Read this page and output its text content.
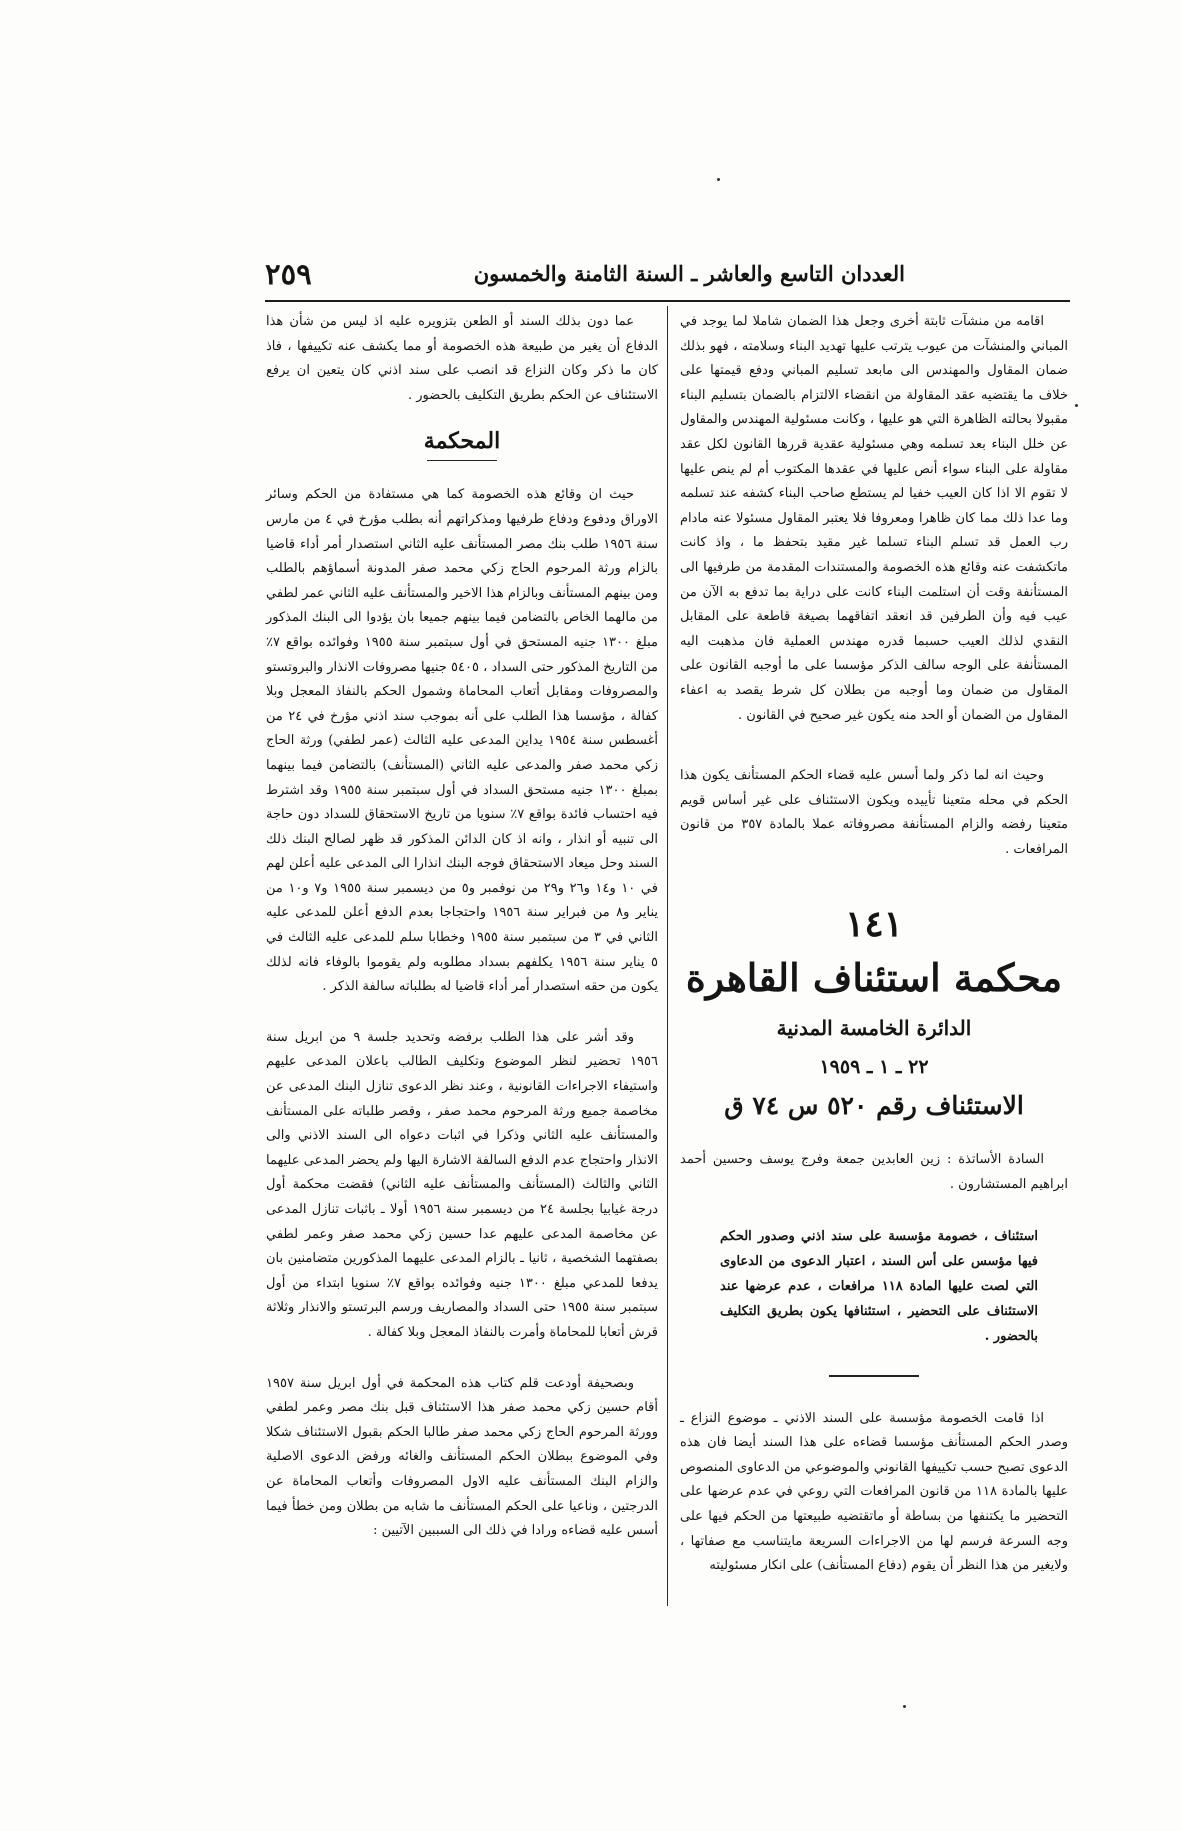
العددان التاسع والعاشر ـ السنة الثامنة والخمسون
٢٥٩

اقامه من منشآت ثابتة أخرى وجعل هذا الضمان شاملا لما يوجد في المباني والمنشآت من عيوب يترتب عليها تهديد البناء وسلامته ، فهو بذلك ضمان المقاول والمهندس الى مابعد تسليم المباني ودفع قيمتها على خلاف ما يقتضيه عقد المقاولة من انقضاء الالتزام بالضمان بتسليم البناء مقبولا بحالته الظاهرة التي هو عليها ، وكانت مسئولية المهندس والمقاول عن خلل البناء بعد تسلمه وهي مسئولية عقدية قررها القانون لكل عقد مقاولة على البناء سواء أنص عليها في عقدها المكتوب أم لم ينص عليها لا تقوم الا اذا كان العيب خفيا لم يستطع صاحب البناء كشفه عند تسلمه وما عدا ذلك مما كان ظاهرا ومعروفا فلا يعتبر المقاول مسئولا عنه مادام رب العمل قد تسلم البناء تسلما غير مقيد بتحفظ ما ، واذ كانت ماتكشفت عنه وقائع هذه الخصومة والمستندات المقدمة من طرفيها الى المستأنفة وقت أن استلمت البناء كانت على دراية بما تدفع به الآن من عيب فيه وأن الطرفين قد انعقد اتفاقهما بصيغة قاطعة على المقابل النقدي لذلك العيب حسبما قدره مهندس العملية فان مذهبت اليه المستأنفة على الوجه سالف الذكر مؤسسا على ما أوجبه القانون على المقاول من ضمان وما أوجبه من بطلان كل شرط يقصد به اعفاء المقاول من الضمان أو الحد منه يكون غير صحيح في القانون .

وحيث انه لما ذكر ولما أسس عليه قضاء الحكم المستأنف يكون هذا الحكم في محله متعينا تأييده ويكون الاستئناف على غير أساس قويم متعينا رفضه والزام المستأنفة مصروفاته عملا بالمادة ٣٥٧ من قانون المرافعات .

١٤١
محكمة استئناف القاهرة
الدائرة الخامسة المدنية
٢٢ ـ ١ ـ ١٩٥٩
الاستئناف رقم ٥٢٠ س ٧٤ ق

السادة الأساتذة : زين العابدين جمعة وفرج يوسف وحسين أحمد ابراهيم المستشارون .

استئناف ، خصومة مؤسسة على سند اذني وصدور الحكم فيها مؤسس على أس السند ، اعتبار الدعوى من الدعاوى التي لصت عليها المادة ١١٨ مرافعات ، عدم عرضها عند الاستئناف على التحضير ، استئنافها يكون بطريق التكليف بالحضور .

اذا قامت الخصومة مؤسسة على السند الاذني ـ موضوع النزاع ـ وصدر الحكم المستأنف مؤسسا قضاءه على هذا السند أيضا فان هذه الدعوى تصبح حسب تكييفها القانوني والموضوعي من الدعاوى المنصوص عليها بالمادة ١١٨ من قانون المرافعات التي روعي في عدم عرضها على التحضير ما يكتنفها من بساطة أو ماتقتضيه طبيعتها من الحكم فيها على وجه السرعة فرسم لها من الاجراءات السريعة مايتناسب مع صفاتها ، ولايغير من هذا النظر أن يقوم (دفاع المستأنف) على انكار مسئوليته

عما دون بذلك السند أو الطعن بتزويره عليه اذ ليس من شأن هذا الدفاع أن يغير من طبيعة هذه الخصومة أو مما يكشف عنه تكييفها ، فاذ كان ما ذكر وكان النزاع قد انصب على سند اذني كان يتعين ان يرفع الاستئناف عن الحكم بطريق التكليف بالحضور .

المحكمة

حيث ان وقائع هذه الخصومة كما هي مستفادة من الحكم وسائر الاوراق ودفوع ودفاع طرفيها ومذكراتهم أنه بطلب مؤرخ في ٤ من مارس سنة ١٩٥٦ طلب بنك مصر المستأنف عليه الثاني استصدار أمر أداء قاضيا بالزام ورثة المرحوم الحاج زكي محمد صفر المدونة أسماؤهم بالطلب ومن بينهم المستأنف وبالزام هذا الاخير والمستأنف عليه الثاني عمر لطفي من مالهما الخاص بالتضامن فيما بينهم جميعا بان يؤدوا الى البنك المذكور مبلغ ١٣٠٠ جنيه المستحق في أول سبتمبر سنة ١٩٥٥ وفوائده بواقع ٧٪ من التاريخ المذكور حتى السداد ، ٥٤٠٥ جنيها مصروفات الانذار والبروتستو والمصروفات ومقابل أتعاب المحاماة وشمول الحكم بالنفاذ المعجل وبلا كفالة ، مؤسسا هذا الطلب على أنه بموجب سند اذني مؤرخ في ٢٤ من أغسطس سنة ١٩٥٤ يداين المدعى عليه الثالث (عمر لطفي) ورثة الحاج زكي محمد صفر والمدعى عليه الثاني (المستأنف) بالتضامن فيما بينهما بمبلغ ١٣٠٠ جنيه مستحق السداد في أول سبتمبر سنة ١٩٥٥ وقد اشترط فيه احتساب فائدة بواقع ٧٪ سنويا من تاريخ الاستحقاق للسداد دون حاجة الى تنبيه أو انذار ، وانه اذ كان الدائن المذكور قد ظهر لصالح البنك ذلك السند وحل ميعاد الاستحقاق فوجه البنك انذارا الى المدعى عليه أعلن لهم في ١٠ و١٤ و٢٦ و٢٩ من نوفمبر و٥ من ديسمبر سنة ١٩٥٥ و٧ و١٠ من يناير و٨ من فبراير سنة ١٩٥٦ واحتجاجا بعدم الدفع أعلن للمدعى عليه الثاني في ٣ من سبتمبر سنة ١٩٥٥ وخطابا سلم للمدعى عليه الثالث في ٥ يناير سنة ١٩٥٦ يكلفهم بسداد مطلوبه ولم يقوموا بالوفاء فانه لذلك يكون من حقه استصدار أمر أداء قاضيا له بطلباته سالفة الذكر .

وقد أشر على هذا الطلب برفضه وتحديد جلسة ٩ من ابريل سنة ١٩٥٦ تحضير لنظر الموضوع وتكليف الطالب باعلان المدعى عليهم واستيفاء الاجراءات القانونية ، وعند نظر الدعوى تنازل البنك المدعى عن مخاصمة جميع ورثة المرحوم محمد صفر ، وقصر طلباته على المستأنف والمستأنف عليه الثاني وذكرا في اثبات دعواه الى السند الاذني والى الانذار واحتجاج عدم الدفع السالفة الاشارة اليها ولم يحضر المدعى عليهما الثاني والثالث (المستأنف والمستأنف عليه الثاني) فقضت محكمة أول درجة غيابيا بجلسة ٢٤ من ديسمبر سنة ١٩٥٦ أولا ـ باثبات تنازل المدعى عن مخاصمة المدعى عليهم عدا حسين زكي محمد صفر وعمر لطفي بصفتهما الشخصية ، ثانيا ـ بالزام المدعى عليهما المذكورين متضامنين بان يدفعا للمدعي مبلغ ١٣٠٠ جنيه وفوائده بواقع ٧٪ سنويا ابتداء من أول سبتمبر سنة ١٩٥٥ حتى السداد والمصاريف ورسم البرتستو والانذار وثلاثة قرش أتعابا للمحاماة وأمرت بالنفاذ المعجل وبلا كفالة .

وبصحيفة أودعت قلم كتاب هذه المحكمة في أول ابريل سنة ١٩٥٧ أقام حسين زكي محمد صفر هذا الاستئناف قبل بنك مصر وعمر لطفي وورثة المرحوم الحاج زكي محمد صفر طالبا الحكم بقبول الاستئناف شكلا وفي الموضوع ببطلان الحكم المستأنف والغائه ورفض الدعوى الاصلية والزام البنك المستأنف عليه الاول المصروفات وأتعاب المحاماة عن الدرجتين ، وناعيا على الحكم المستأنف ما شابه من بطلان ومن خطأ فيما أسس عليه قضاءه ورادا في ذلك الى السببين الآتيين :
